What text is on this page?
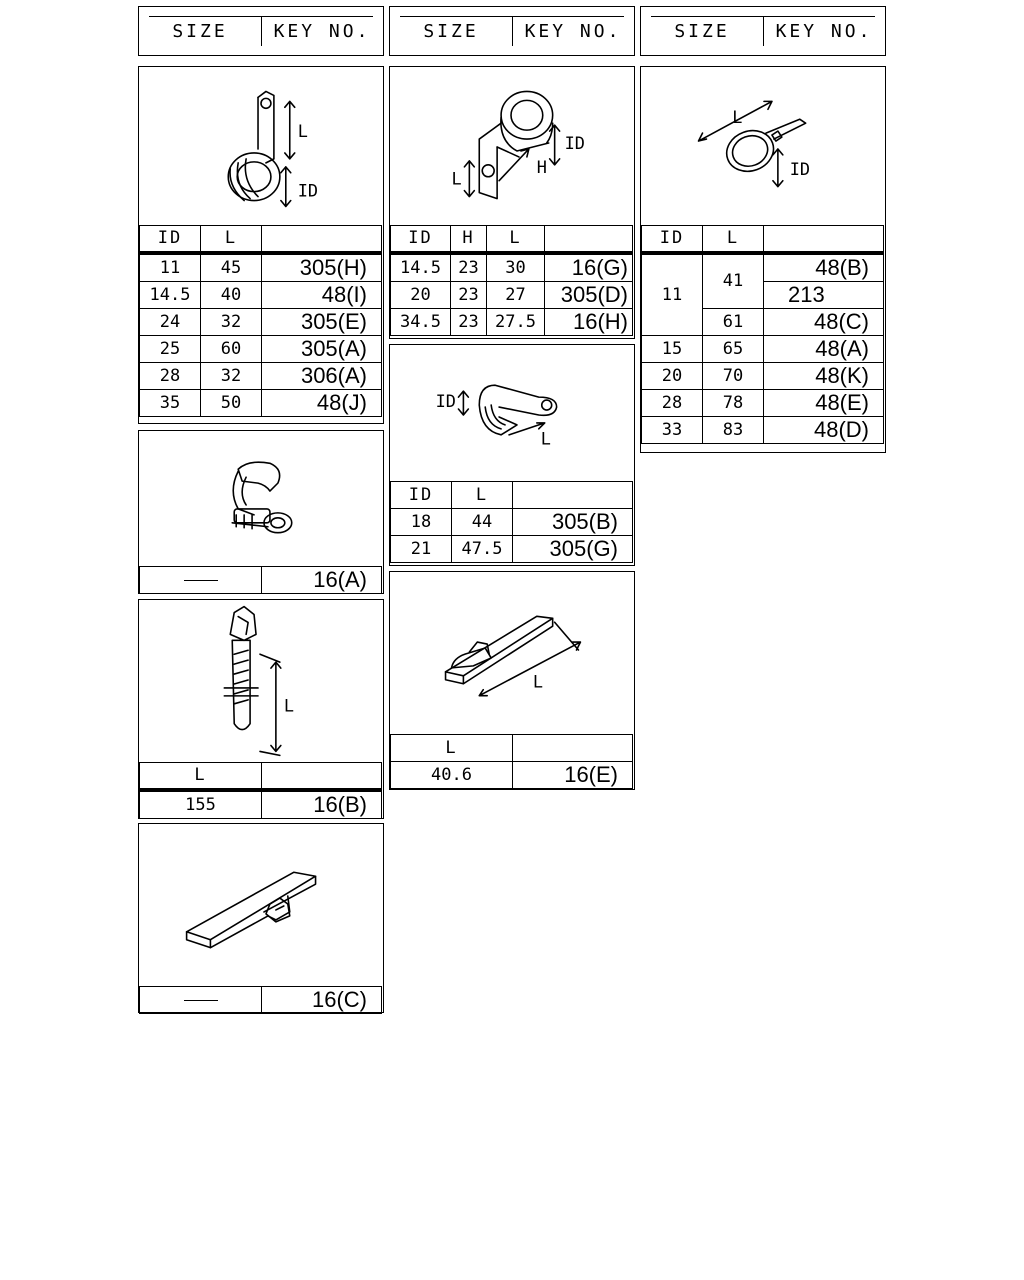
SIZE	KEY NO.	SIZE	KEY NO.	SIZE	KEY NO.
L
ID
ID	L	
11	45	305(H)
14.5	40	48(I)
24	32	305(E)
25	60	305(A)
28	32	306(A)
35	50	48(J)
	16(A)
L
L	
155	16(B)
	16(C)
ID
H
L
ID	H	L	
14.5	23	30	16(G)
20	23	27	305(D)
34.5	23	27.5	16(H)
ID
L
ID	L	
18	44	305(B)
21	47.5	305(G)
L
L	
40.6	16(E)
L
ID
ID	L	
11	41	48(B)
		213
	61	48(C)
15	65	48(A)
20	70	48(K)
28	78	48(E)
33	83	48(D)
